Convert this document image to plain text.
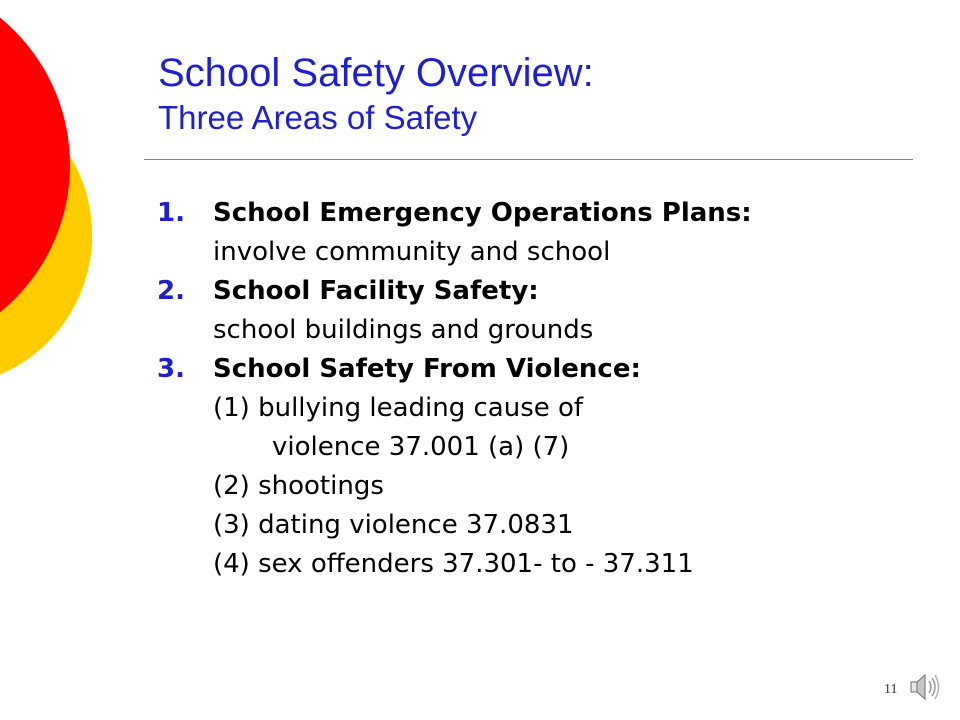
School Safety Overview:
Three Areas of Safety
1.	School Emergency Operations Plans:
involve community and school
2.	School Facility Safety:
school buildings and grounds
3.	School Safety From Violence:
(1) bullying leading cause of
violence 37.001 (a) (7)
(2) shootings
(3) dating violence 37.0831
(4) sex offenders 37.301- to - 37.311
11
